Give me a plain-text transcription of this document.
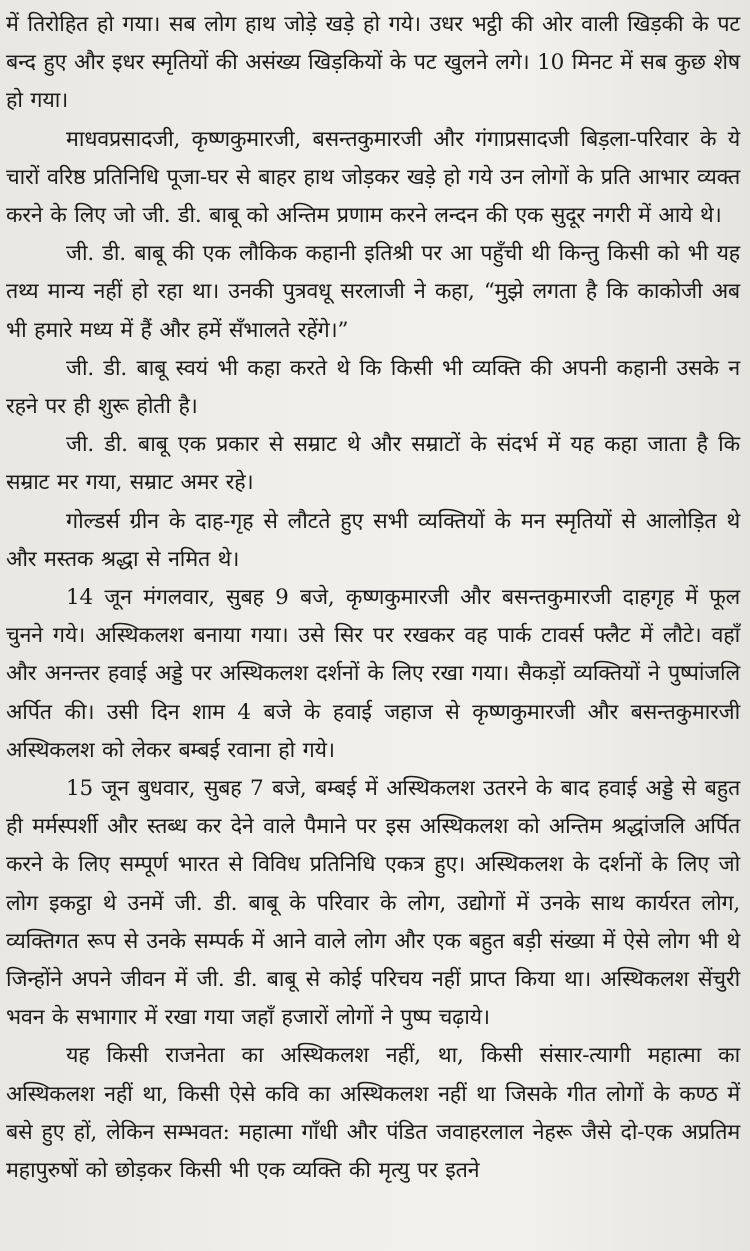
में तिरोहित हो गया। सब लोग हाथ जोड़े खड़े हो गये। उधर भट्ठी की ओर वाली खिड़की के पट बन्द हुए और इधर स्मृतियों की असंख्य खिड़कियों के पट खुलने लगे। 10 मिनट में सब कुछ शेष हो गया।

माधवप्रसादजी, कृष्णकुमारजी, बसन्तकुमारजी और गंगाप्रसादजी बिड़ला-परिवार के ये चारों वरिष्ठ प्रतिनिधि पूजा-घर से बाहर हाथ जोड़कर खड़े हो गये उन लोगों के प्रति आभार व्यक्त करने के लिए जो जी. डी. बाबू को अन्तिम प्रणाम करने लन्दन की एक सुदूर नगरी में आये थे।

जी. डी. बाबू की एक लौकिक कहानी इतिश्री पर आ पहुँची थी किन्तु किसी को भी यह तथ्य मान्य नहीं हो रहा था। उनकी पुत्रवधू सरलाजी ने कहा, “मुझे लगता है कि काकोजी अब भी हमारे मध्य में हैं और हमें सँभालते रहेंगे।”

जी. डी. बाबू स्वयं भी कहा करते थे कि किसी भी व्यक्ति की अपनी कहानी उसके न रहने पर ही शुरू होती है।

जी. डी. बाबू एक प्रकार से सम्राट थे और सम्राटों के संदर्भ में यह कहा जाता है कि सम्राट मर गया, सम्राट अमर रहे।

गोल्डर्स ग्रीन के दाह-गृह से लौटते हुए सभी व्यक्तियों के मन स्मृतियों से आलोड़ित थे और मस्तक श्रद्धा से नमित थे।

14 जून मंगलवार, सुबह 9 बजे, कृष्णकुमारजी और बसन्तकुमारजी दाहगृह में फूल चुनने गये। अस्थिकलश बनाया गया। उसे सिर पर रखकर वह पार्क टावर्स फ्लैट में लौटे। वहाँ और अनन्तर हवाई अड्डे पर अस्थिकलश दर्शनों के लिए रखा गया। सैकड़ों व्यक्तियों ने पुष्पांजलि अर्पित की। उसी दिन शाम 4 बजे के हवाई जहाज से कृष्णकुमारजी और बसन्तकुमारजी अस्थिकलश को लेकर बम्बई रवाना हो गये।

15 जून बुधवार, सुबह 7 बजे, बम्बई में अस्थिकलश उतरने के बाद हवाई अड्डे से बहुत ही मर्मस्पर्शी और स्तब्ध कर देने वाले पैमाने पर इस अस्थिकलश को अन्तिम श्रद्धांजलि अर्पित करने के लिए सम्पूर्ण भारत से विविध प्रतिनिधि एकत्र हुए। अस्थिकलश के दर्शनों के लिए जो लोग इकट्ठा थे उनमें जी. डी. बाबू के परिवार के लोग, उद्योगों में उनके साथ कार्यरत लोग, व्यक्तिगत रूप से उनके सम्पर्क में आने वाले लोग और एक बहुत बड़ी संख्या में ऐसे लोग भी थे जिन्होंने अपने जीवन में जी. डी. बाबू से कोई परिचय नहीं प्राप्त किया था। अस्थिकलश सेंचुरी भवन के सभागार में रखा गया जहाँ हजारों लोगों ने पुष्प चढ़ाये।

यह किसी राजनेता का अस्थिकलश नहीं, था, किसी संसार-त्यागी महात्मा का अस्थिकलश नहीं था, किसी ऐसे कवि का अस्थिकलश नहीं था जिसके गीत लोगों के कण्ठ में बसे हुए हों, लेकिन सम्भवत: महात्मा गाँधी और पंडित जवाहरलाल नेहरू जैसे दो-एक अप्रतिम महापुरुषों को छोड़कर किसी भी एक व्यक्ति की मृत्यु पर इतने
